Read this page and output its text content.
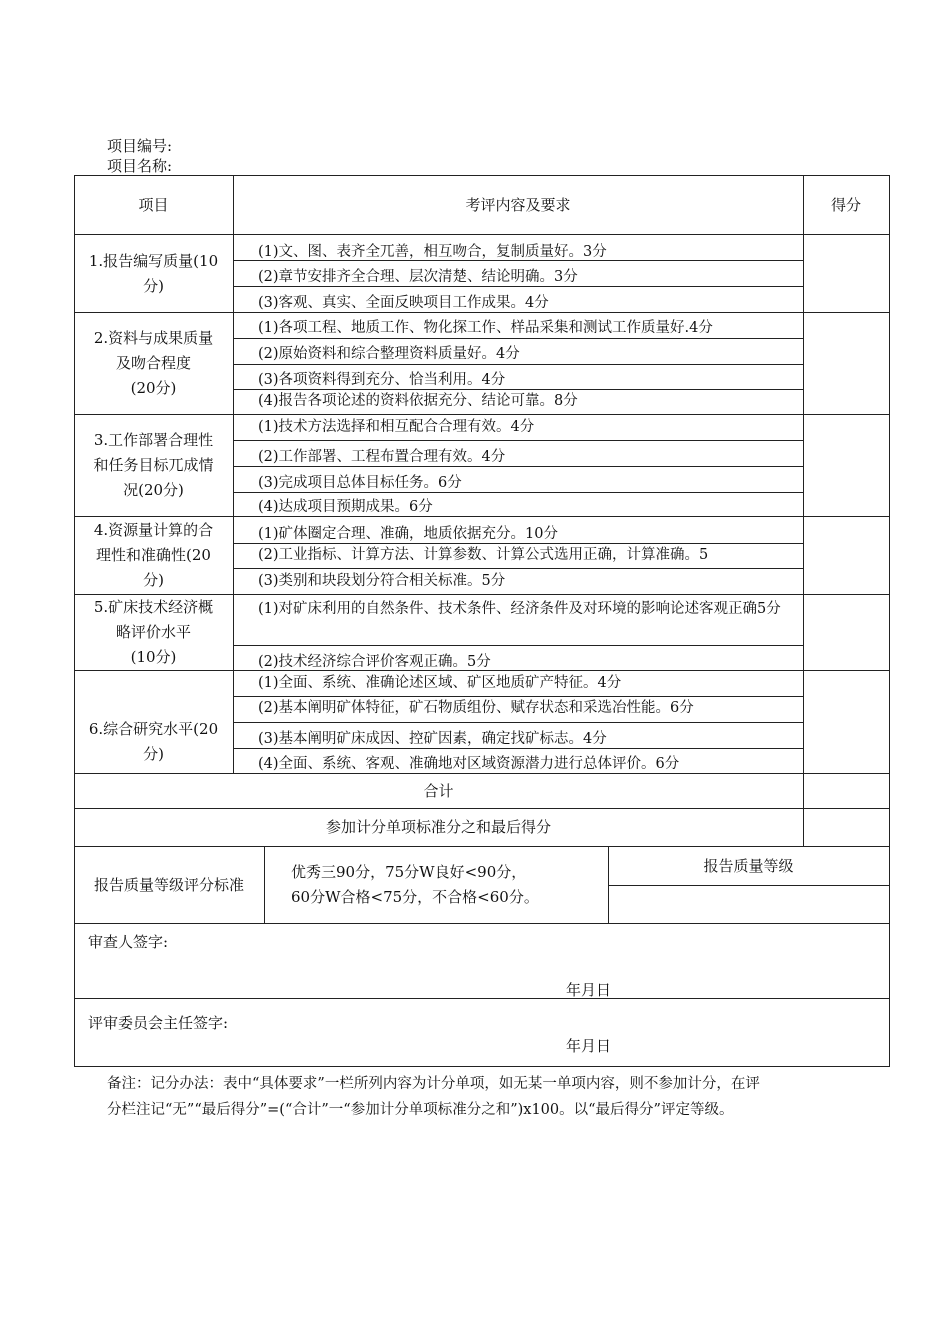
项目编号:
项目名称:
项目	考评内容及要求	得分
1.报告编写质量(10
分)
(1)文、图、表齐全兀善，相互吻合，复制质量好。3分
(2)章节安排齐全合理、层次清楚、结论明确。3分
(3)客观、真实、全面反映项目工作成果。4分
2.资料与成果质量
及吻合程度
(20分)
(1)各项工程、地质工作、物化探工作、样品采集和测试工作质量好.4分
(2)原始资料和综合整理资料质量好。4分
(3)各项资料得到充分、恰当利用。4分
(4)报告各项论述的资料依据充分、结论可靠。8分
3.工作部署合理性
和任务目标兀成情
况(20分)
(1)技术方法选择和相互配合合理有效。4分
(2)工作部署、工程布置合理有效。4分
(3)完成项目总体目标任务。6分
(4)达成项目预期成果。6分
4.资源量计算的合
理性和准确性(20
分)
(1)矿体圈定合理、准确，地质依据充分。10分
(2)工业指标、计算方法、计算参数、计算公式选用正确，计算准确。5
(3)类别和块段划分符合相关标准。5分
5.矿床技术经济概
略评价水平
(10分)
(1)对矿床利用的自然条件、技术条件、经济条件及对环境的影响论述客观正确5分
(2)技术经济综合评价客观正确。5分
6.综合研究水平(20
分)
(1)全面、系统、准确论述区域、矿区地质矿产特征。4分
(2)基本阐明矿体特征，矿石物质组份、赋存状态和采选冶性能。6分
(3)基本阐明矿床成因、控矿因素，确定找矿标志。4分
(4)全面、系统、客观、准确地对区域资源潜力进行总体评价。6分
合计
参加计分单项标准分之和最后得分
报告质量等级评分标准
优秀三90分，75分W良好<90分，
60分W合格<75分，不合格<60分。
报告质量等级
审查人签字:
年月日
评审委员会主任签字:
年月日
备注：记分办法：表中“具体要求”一栏所列内容为计分单项，如无某一单项内容，则不参加计分，在评
分栏注记“无”“最后得分”=(“合计”一“参加计分单项标准分之和”)x100。以“最后得分”评定等级。
